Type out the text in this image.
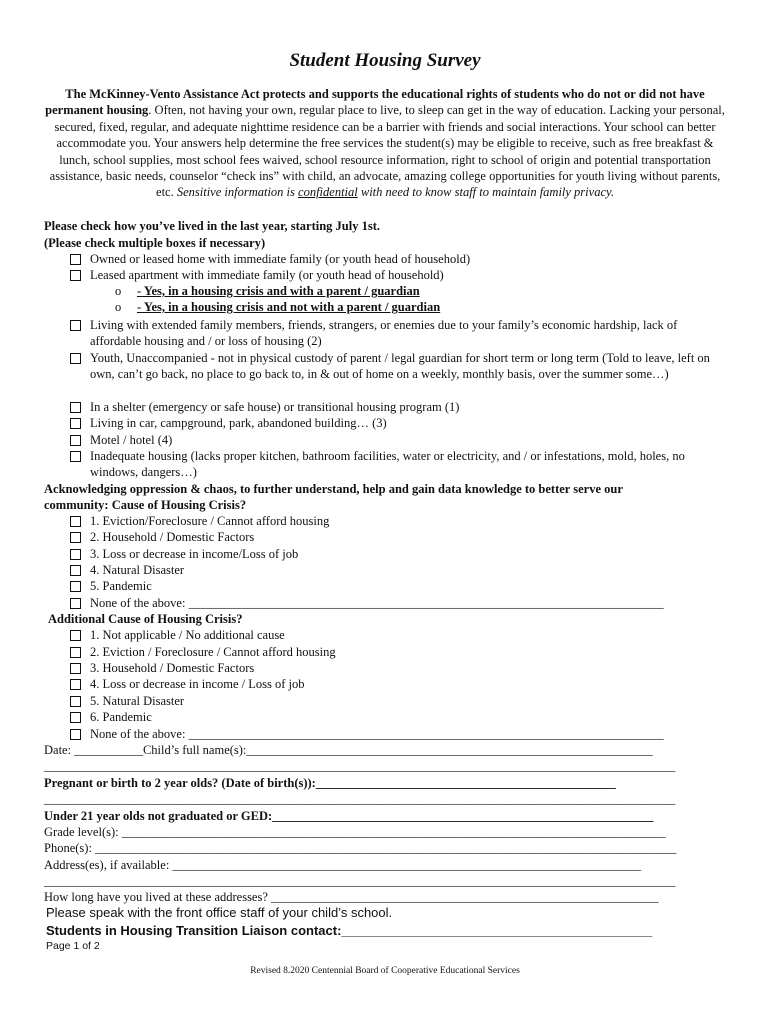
Student Housing Survey
The McKinney-Vento Assistance Act protects and supports the educational rights of students who do not or did not have permanent housing. Often, not having your own, regular place to live, to sleep can get in the way of education. Lacking your personal, secured, fixed, regular, and adequate nighttime residence can be a barrier with friends and social interactions. Your school can better accommodate you. Your answers help determine the free services the student(s) may be eligible to receive, such as free breakfast & lunch, school supplies, most school fees waived, school resource information, right to school of origin and potential transportation assistance, basic needs, counselor “check ins” with child, an advocate, amazing college opportunities for youth living without parents, etc. Sensitive information is confidential with need to know staff to maintain family privacy.
Please check how you’ve lived in the last year, starting July 1st.
(Please check multiple boxes if necessary)
Owned or leased home with immediate family (or youth head of household)
Leased apartment with immediate family (or youth head of household)
o - Yes, in a housing crisis and with a parent / guardian
o - Yes, in a housing crisis and not with a parent / guardian
Living with extended family members, friends, strangers, or enemies due to your family’s economic hardship, lack of affordable housing and / or loss of housing (2)
Youth, Unaccompanied - not in physical custody of parent / legal guardian for short term or long term (Told to leave, left on own, can’t go back, no place to go back to, in & out of home on a weekly, monthly basis, over the summer some…)
In a shelter (emergency or safe house) or transitional housing program (1)
Living in car, campground, park, abandoned building… (3)
Motel / hotel (4)
Inadequate housing (lacks proper kitchen, bathroom facilities, water or electricity, and / or infestations, mold, holes, no windows, dangers…)
Acknowledging oppression & chaos, to further understand, help and gain data knowledge to better serve our
community: Cause of Housing Crisis?
1. Eviction/Foreclosure / Cannot afford housing
2. Household / Domestic Factors
3. Loss or decrease in income/Loss of job
4. Natural Disaster
5. Pandemic
None of the above: ____________________________________________________________________________
Additional Cause of Housing Crisis?
1. Not applicable / No additional cause
2. Eviction / Foreclosure / Cannot afford housing
3. Household / Domestic Factors
4. Loss or decrease in income / Loss of job
5. Natural Disaster
6. Pandemic
None of the above: ____________________________________________________________________________
Date: ___________Child’s full name(s):_________________________________________________________________
_____________________________________________________________________________________________________
Pregnant or birth to 2 year olds? (Date of birth(s)):________________________________________________
_____________________________________________________________________________________________________
Under 21 year olds not graduated or GED:_____________________________________________________________
Grade level(s): _______________________________________________________________________________________
Phone(s): _____________________________________________________________________________________________
Address(es), if available: ___________________________________________________________________________
_____________________________________________________________________________________________________
How long have you lived at these addresses? ______________________________________________________________
Please speak with the front office staff of your child’s school.
Students in Housing Transition Liaison contact:___________________________________________
Page 1 of 2
Revised 8.2020 Centennial Board of Cooperative Educational Services
